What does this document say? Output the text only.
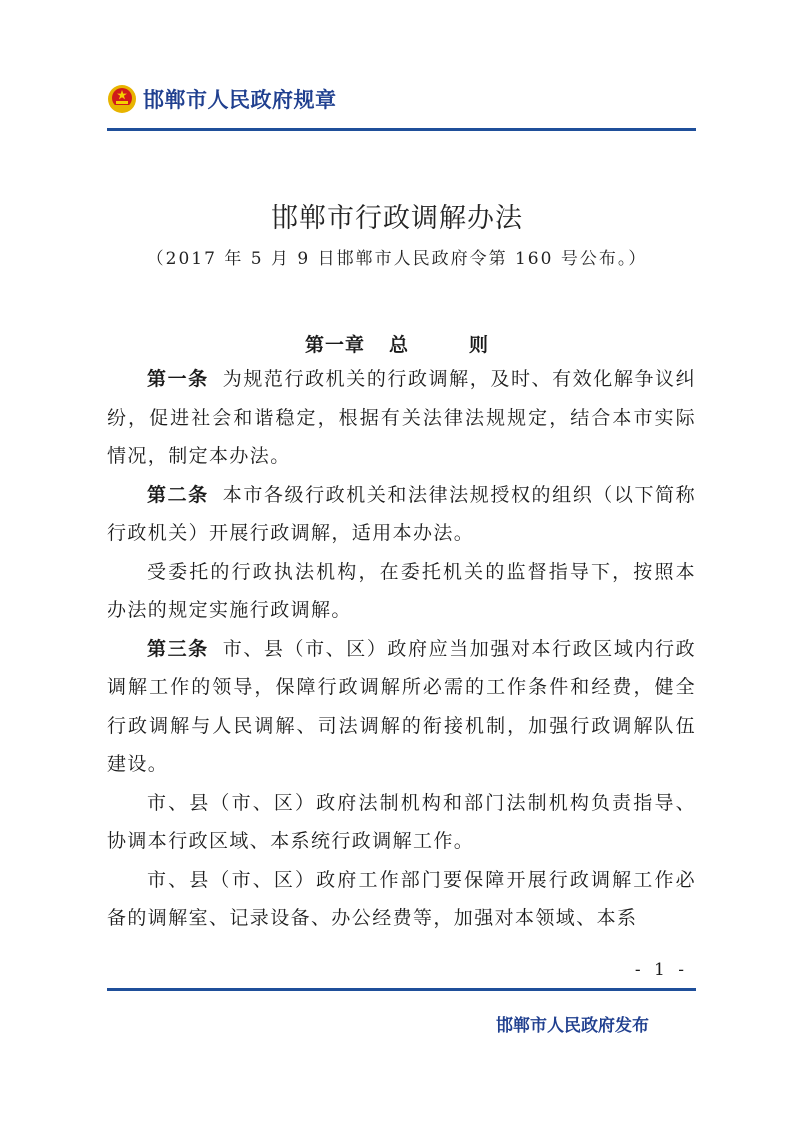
邯郸市人民政府规章
邯郸市行政调解办法
（2017 年 5 月 9 日邯郸市人民政府令第 160 号公布。）
第一章 总	则

第一条 为规范行政机关的行政调解，及时、有效化解争议纠纷，促进社会和谐稳定，根据有关法律法规规定，结合本市实际情况，制定本办法。

第二条 本市各级行政机关和法律法规授权的组织（以下简称行政机关）开展行政调解，适用本办法。

受委托的行政执法机构，在委托机关的监督指导下，按照本办法的规定实施行政调解。

第三条 市、县（市、区）政府应当加强对本行政区域内行政调解工作的领导，保障行政调解所必需的工作条件和经费，健全行政调解与人民调解、司法调解的衔接机制，加强行政调解队伍建设。

市、县（市、区）政府法制机构和部门法制机构负责指导、协调本行政区域、本系统行政调解工作。

市、县（市、区）政府工作部门要保障开展行政调解工作必备的调解室、记录设备、办公经费等，加强对本领域、本系

- 1 -
邯郸市人民政府发布
